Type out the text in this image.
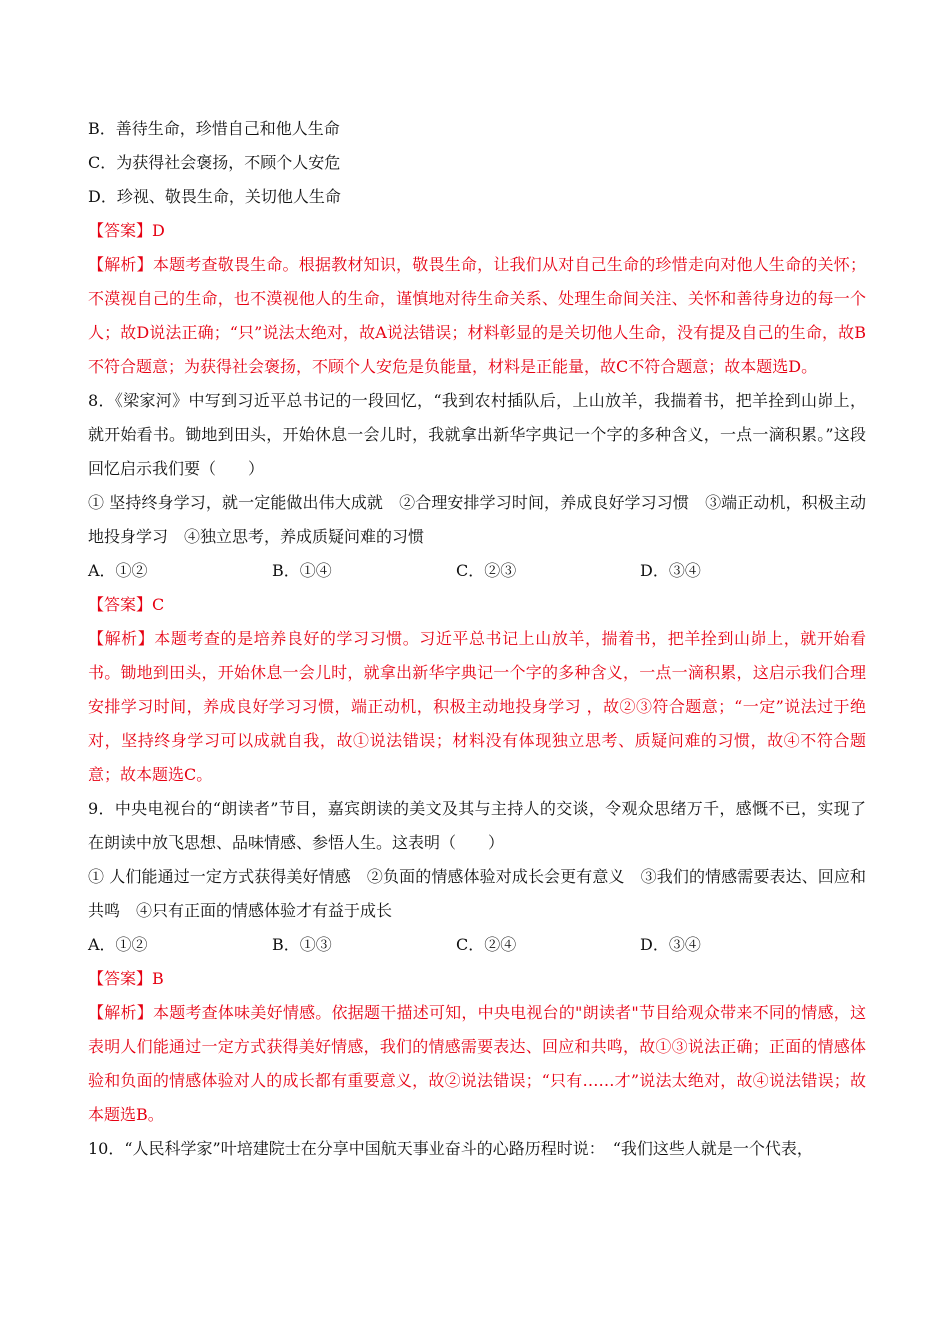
B．善待生命，珍惜自己和他人生命
C．为获得社会褒扬，不顾个人安危
D．珍视、敬畏生命，关切他人生命
【答案】D
【解析】本题考查敬畏生命。根据教材知识，敬畏生命，让我们从对自己生命的珍惜走向对他人生命的关怀；不漠视自己的生命，也不漠视他人的生命，谨慎地对待生命关系、处理生命间关注、关怀和善待身边的每一个人；故D说法正确；“只”说法太绝对，故A说法错误；材料彰显的是关切他人生命，没有提及自己的生命，故B不符合题意；为获得社会褒扬，不顾个人安危是负能量，材料是正能量，故C不符合题意；故本题选D。
8．《梁家河》中写到习近平总书记的一段回忆，“我到农村插队后，上山放羊，我揣着书，把羊拴到山峁上，就开始看书。锄地到田头，开始休息一会儿时，我就拿出新华字典记一个字的多种含义，一点一滴积累。”这段回忆启示我们要（　　）
① 坚持终身学习，就一定能做出伟大成就　②合理安排学习时间，养成良好学习习惯　③端正动机，积极主动地投身学习　④独立思考，养成质疑问难的习惯
A．①②	B．①④	C．②③	D．③④
【答案】C
【解析】本题考查的是培养良好的学习习惯。习近平总书记上山放羊，揣着书，把羊拴到山峁上，就开始看书。锄地到田头，开始休息一会儿时，就拿出新华字典记一个字的多种含义，一点一滴积累，这启示我们合理安排学习时间，养成良好学习习惯，端正动机，积极主动地投身学习 ，故②③符合题意；“一定”说法过于绝对，坚持终身学习可以成就自我，故①说法错误；材料没有体现独立思考、质疑问难的习惯，故④不符合题意；故本题选C。
9．中央电视台的“朗读者”节目，嘉宾朗读的美文及其与主持人的交谈，令观众思绪万千，感慨不已，实现了在朗读中放飞思想、品味情感、参悟人生。这表明（　　）
① 人们能通过一定方式获得美好情感　②负面的情感体验对成长会更有意义　③我们的情感需要表达、回应和共鸣　④只有正面的情感体验才有益于成长
A．①②	B．①③	C．②④	D．③④
【答案】B
【解析】本题考查体味美好情感。依据题干描述可知，中央电视台的"朗读者"节目给观众带来不同的情感，这表明人们能通过一定方式获得美好情感，我们的情感需要表达、回应和共鸣，故①③说法正确；正面的情感体验和负面的情感体验对人的成长都有重要意义，故②说法错误；“只有……才”说法太绝对，故④说法错误；故本题选B。
10．“人民科学家”叶培建院士在分享中国航天事业奋斗的心路历程时说：　“我们这些人就是一个代表，
